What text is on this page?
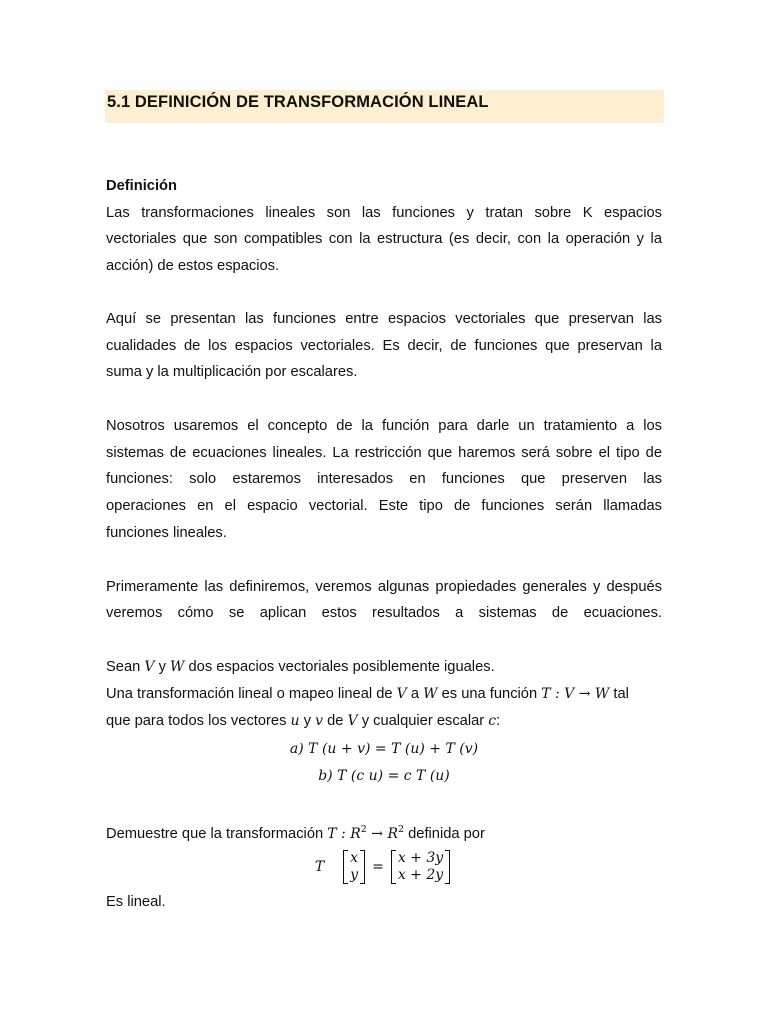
5.1 DEFINICIÓN DE TRANSFORMACIÓN LINEAL
Definición
Las transformaciones lineales son las funciones y tratan sobre K espacios
vectoriales que son compatibles con la estructura (es decir, con la operación y la
acción) de estos espacios.
Aquí se presentan las funciones entre espacios vectoriales que preservan las
cualidades de los espacios vectoriales. Es decir, de funciones que preservan la
suma y la multiplicación por escalares.
Nosotros usaremos el concepto de la función para darle un tratamiento a los
sistemas de ecuaciones lineales. La restricción que haremos será sobre el tipo de
funciones: solo estaremos interesados en funciones que preserven las
operaciones en el espacio vectorial. Este tipo de funciones serán llamadas
funciones lineales.
Primeramente las definiremos, veremos algunas propiedades generales y después
veremos cómo se aplican estos resultados a sistemas de ecuaciones.
Sean V y W dos espacios vectoriales posiblemente iguales.
Una transformación lineal o mapeo lineal de V a W es una función T : V → W tal
que para todos los vectores u y v de V y cualquier escalar c:
a) T (u + v) = T (u) + T (v)
b) T (c u) = c T (u)
Demuestre que la transformación T : $R^2 \to R^2$ definida por
T
x
y =
x + 3y
x + 2y
Es lineal.
